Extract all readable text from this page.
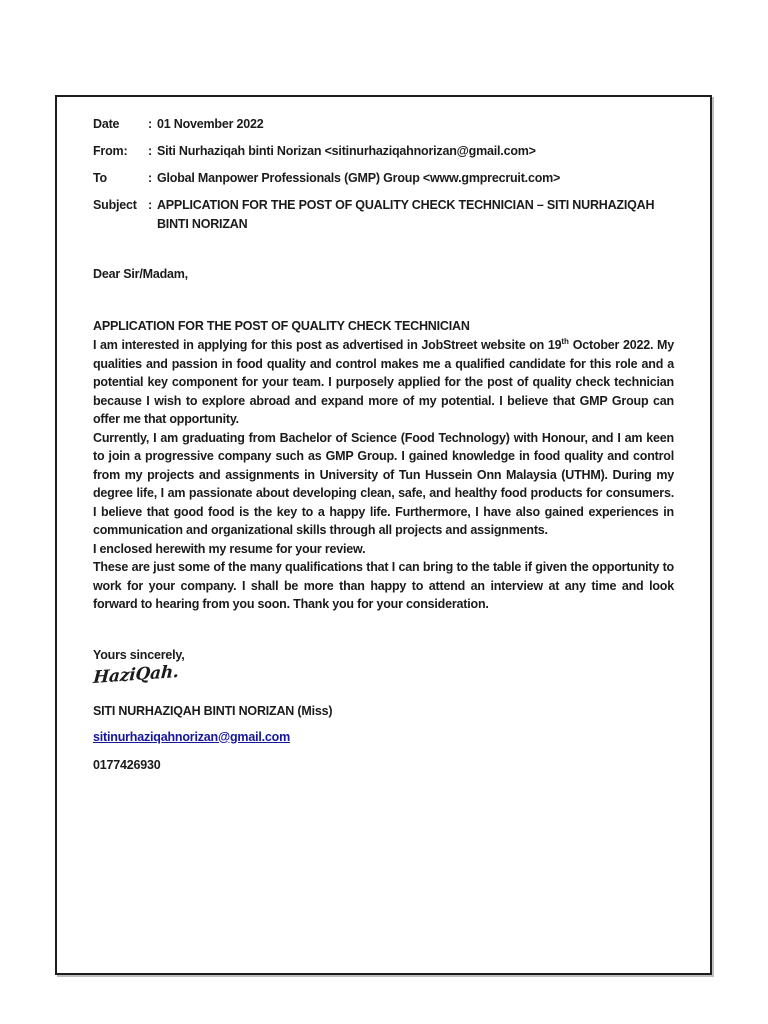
Date	: 01 November 2022
From:	: Siti Nurhaziqah binti Norizan <sitinurhaziqahnorizan@gmail.com>
To	: Global Manpower Professionals (GMP) Group <www.gmprecruit.com>
Subject : APPLICATION FOR THE POST OF QUALITY CHECK TECHNICIAN – SITI NURHAZIQAH BINTI NORIZAN
Dear Sir/Madam,
APPLICATION FOR THE POST OF QUALITY CHECK TECHNICIAN

I am interested in applying for this post as advertised in JobStreet website on 19th October 2022. My qualities and passion in food quality and control makes me a qualified candidate for this role and a potential key component for your team. I purposely applied for the post of quality check technician because I wish to explore abroad and expand more of my potential. I believe that GMP Group can offer me that opportunity.

Currently, I am graduating from Bachelor of Science (Food Technology) with Honour, and I am keen to join a progressive company such as GMP Group. I gained knowledge in food quality and control from my projects and assignments in University of Tun Hussein Onn Malaysia (UTHM). During my degree life, I am passionate about developing clean, safe, and healthy food products for consumers. I believe that good food is the key to a happy life. Furthermore, I have also gained experiences in communication and organizational skills through all projects and assignments.

I enclosed herewith my resume for your review.

These are just some of the many qualifications that I can bring to the table if given the opportunity to work for your company. I shall be more than happy to attend an interview at any time and look forward to hearing from you soon. Thank you for your consideration.

Yours sincerely,
HaziQah.
SITI NURHAZIQAH BINTI NORIZAN (Miss)
sitinurhaziqahnorizan@gmail.com
0177426930
